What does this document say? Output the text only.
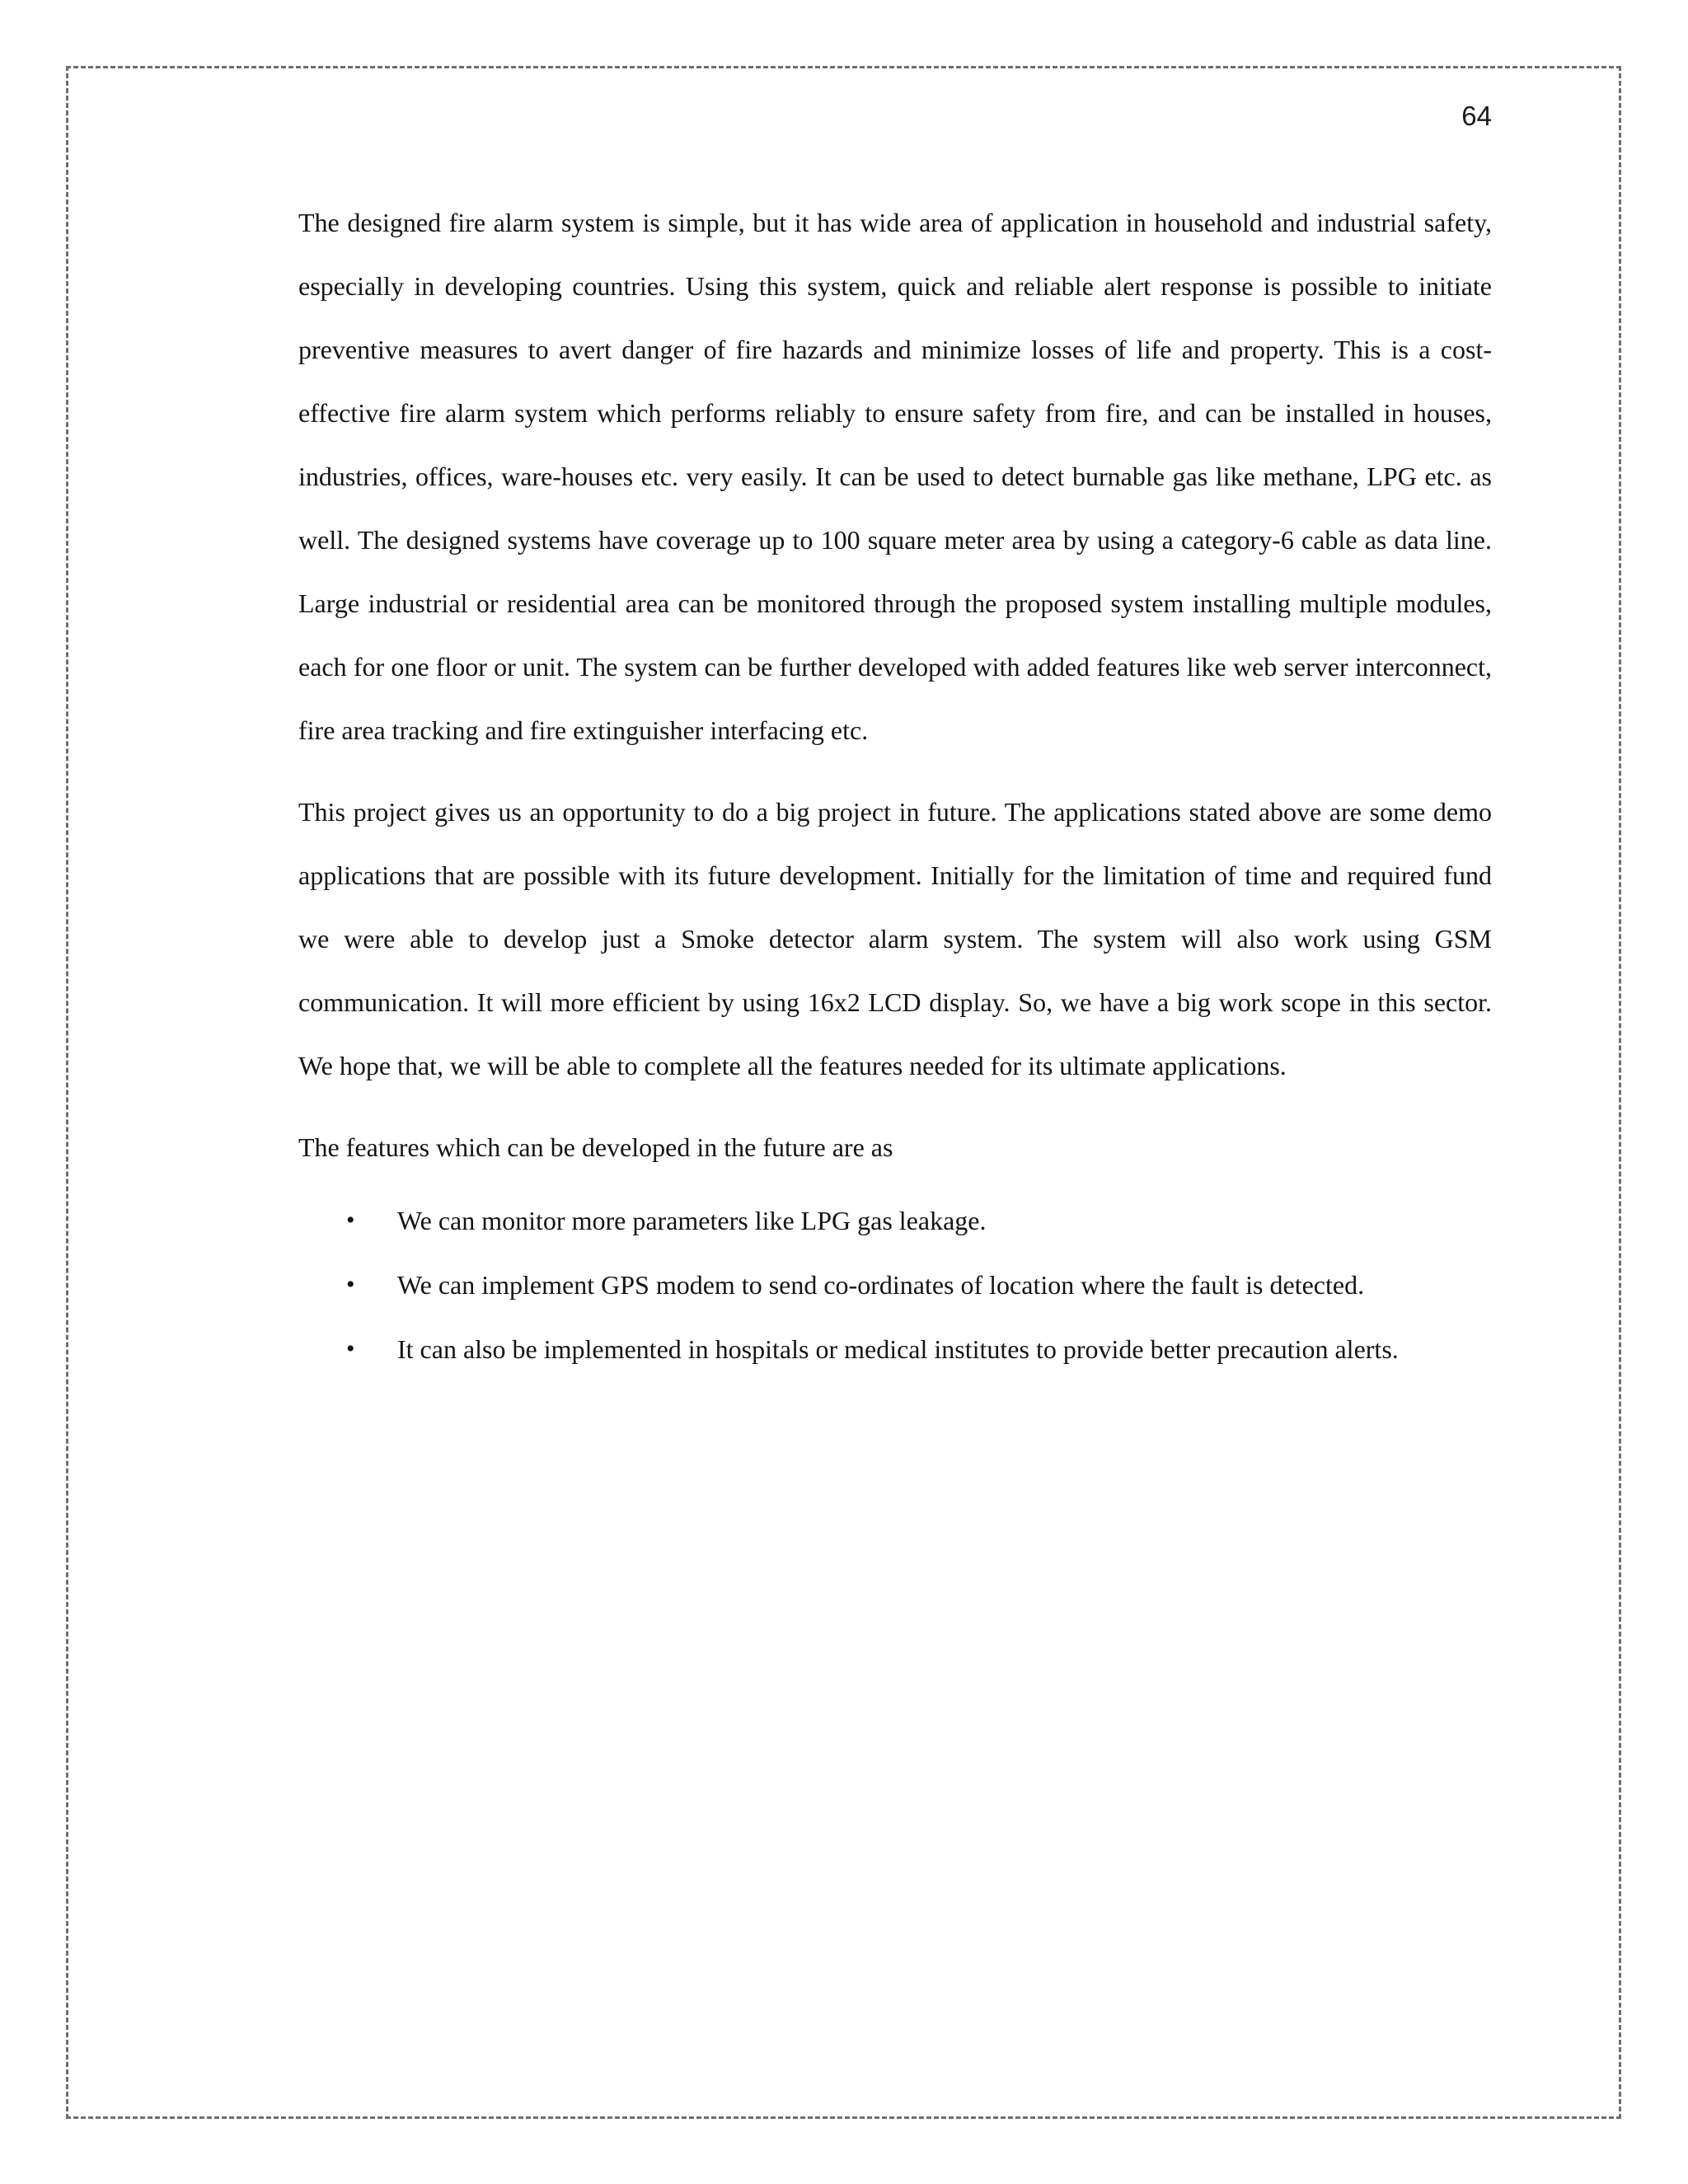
64

The designed fire alarm system is simple, but it has wide area of application in household and industrial safety, especially in developing countries. Using this system, quick and reliable alert response is possible to initiate preventive measures to avert danger of fire hazards and minimize losses of life and property. This is a cost-effective fire alarm system which performs reliably to ensure safety from fire, and can be installed in houses, industries, offices, ware-houses etc. very easily. It can be used to detect burnable gas like methane, LPG etc. as well. The designed systems have coverage up to 100 square meter area by using a category-6 cable as data line. Large industrial or residential area can be monitored through the proposed system installing multiple modules, each for one floor or unit. The system can be further developed with added features like web server interconnect, fire area tracking and fire extinguisher interfacing etc.

This project gives us an opportunity to do a big project in future. The applications stated above are some demo applications that are possible with its future development. Initially for the limitation of time and required fund we were able to develop just a Smoke detector alarm system. The system will also work using GSM communication. It will more efficient by using 16x2 LCD display. So, we have a big work scope in this sector. We hope that, we will be able to complete all the features needed for its ultimate applications.

The features which can be developed in the future are as

• We can monitor more parameters like LPG gas leakage.
• We can implement GPS modem to send co-ordinates of location where the fault is detected.
• It can also be implemented in hospitals or medical institutes to provide better precaution alerts.
